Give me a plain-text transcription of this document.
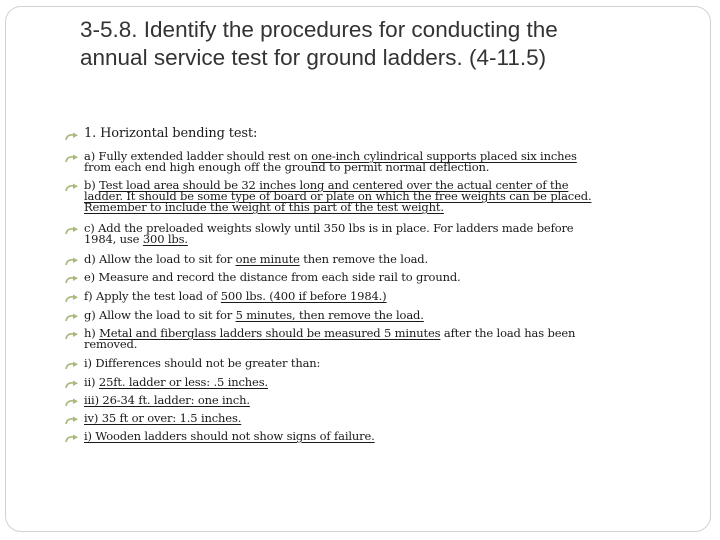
3-5.8. Identify the procedures for conducting the
annual service test for ground ladders. (4-11.5)
1. Horizontal bending test:
a) Fully extended ladder should rest on one-inch cylindrical supports placed six inches
from each end high enough off the ground to permit normal deflection.
b) Test load area should be 32 inches long and centered over the actual center of the
ladder. It should be some type of board or plate on which the free weights can be placed.
Remember to include the weight of this part of the test weight.
c) Add the preloaded weights slowly until 350 lbs is in place. For ladders made before
1984, use 300 lbs.
d) Allow the load to sit for one minute then remove the load.
e) Measure and record the distance from each side rail to ground.
f) Apply the test load of 500 lbs. (400 if before 1984.)
g) Allow the load to sit for 5 minutes, then remove the load.
h) Metal and fiberglass ladders should be measured 5 minutes after the load has been
removed.
i) Differences should not be greater than:
ii) 25ft. ladder or less: .5 inches.
iii) 26-34 ft. ladder: one inch.
iv) 35 ft or over: 1.5 inches.
i) Wooden ladders should not show signs of failure.
